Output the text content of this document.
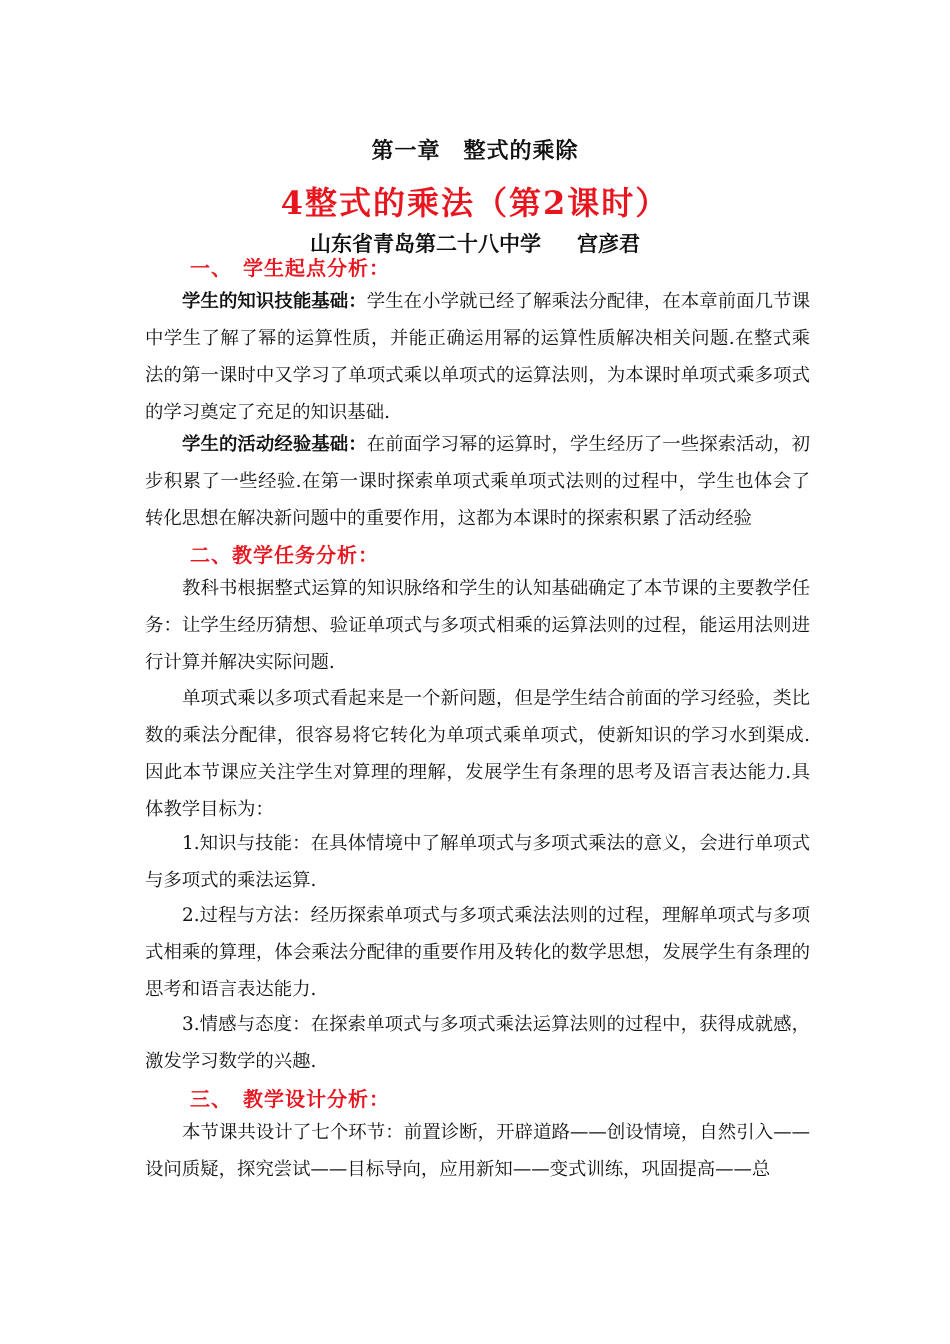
第一章　整式的乘除
4整式的乘法（第2课时）
山东省青岛第二十八中学 宫彦君
一、　学生起点分析：
学生的知识技能基础：学生在小学就已经了解乘法分配律，在本章前面几节课中学生了解了幂的运算性质，并能正确运用幂的运算性质解决相关问题.在整式乘法的第一课时中又学习了单项式乘以单项式的运算法则，为本课时单项式乘多项式的学习奠定了充足的知识基础.
学生的活动经验基础：在前面学习幂的运算时，学生经历了一些探索活动，初步积累了一些经验.在第一课时探索单项式乘单项式法则的过程中，学生也体会了转化思想在解决新问题中的重要作用，这都为本课时的探索积累了活动经验
二、教学任务分析：
教科书根据整式运算的知识脉络和学生的认知基础确定了本节课的主要教学任务：让学生经历猜想、验证单项式与多项式相乘的运算法则的过程，能运用法则进行计算并解决实际问题.
单项式乘以多项式看起来是一个新问题，但是学生结合前面的学习经验，类比数的乘法分配律，很容易将它转化为单项式乘单项式，使新知识的学习水到渠成.因此本节课应关注学生对算理的理解，发展学生有条理的思考及语言表达能力.具体教学目标为：
1.知识与技能：在具体情境中了解单项式与多项式乘法的意义，会进行单项式与多项式的乘法运算.
2.过程与方法：经历探索单项式与多项式乘法法则的过程，理解单项式与多项式相乘的算理，体会乘法分配律的重要作用及转化的数学思想，发展学生有条理的思考和语言表达能力.
3.情感与态度：在探索单项式与多项式乘法运算法则的过程中，获得成就感，激发学习数学的兴趣.
三、　教学设计分析：
本节课共设计了七个环节：前置诊断，开辟道路——创设情境，自然引入——设问质疑，探究尝试——目标导向，应用新知——变式训练，巩固提高——总
